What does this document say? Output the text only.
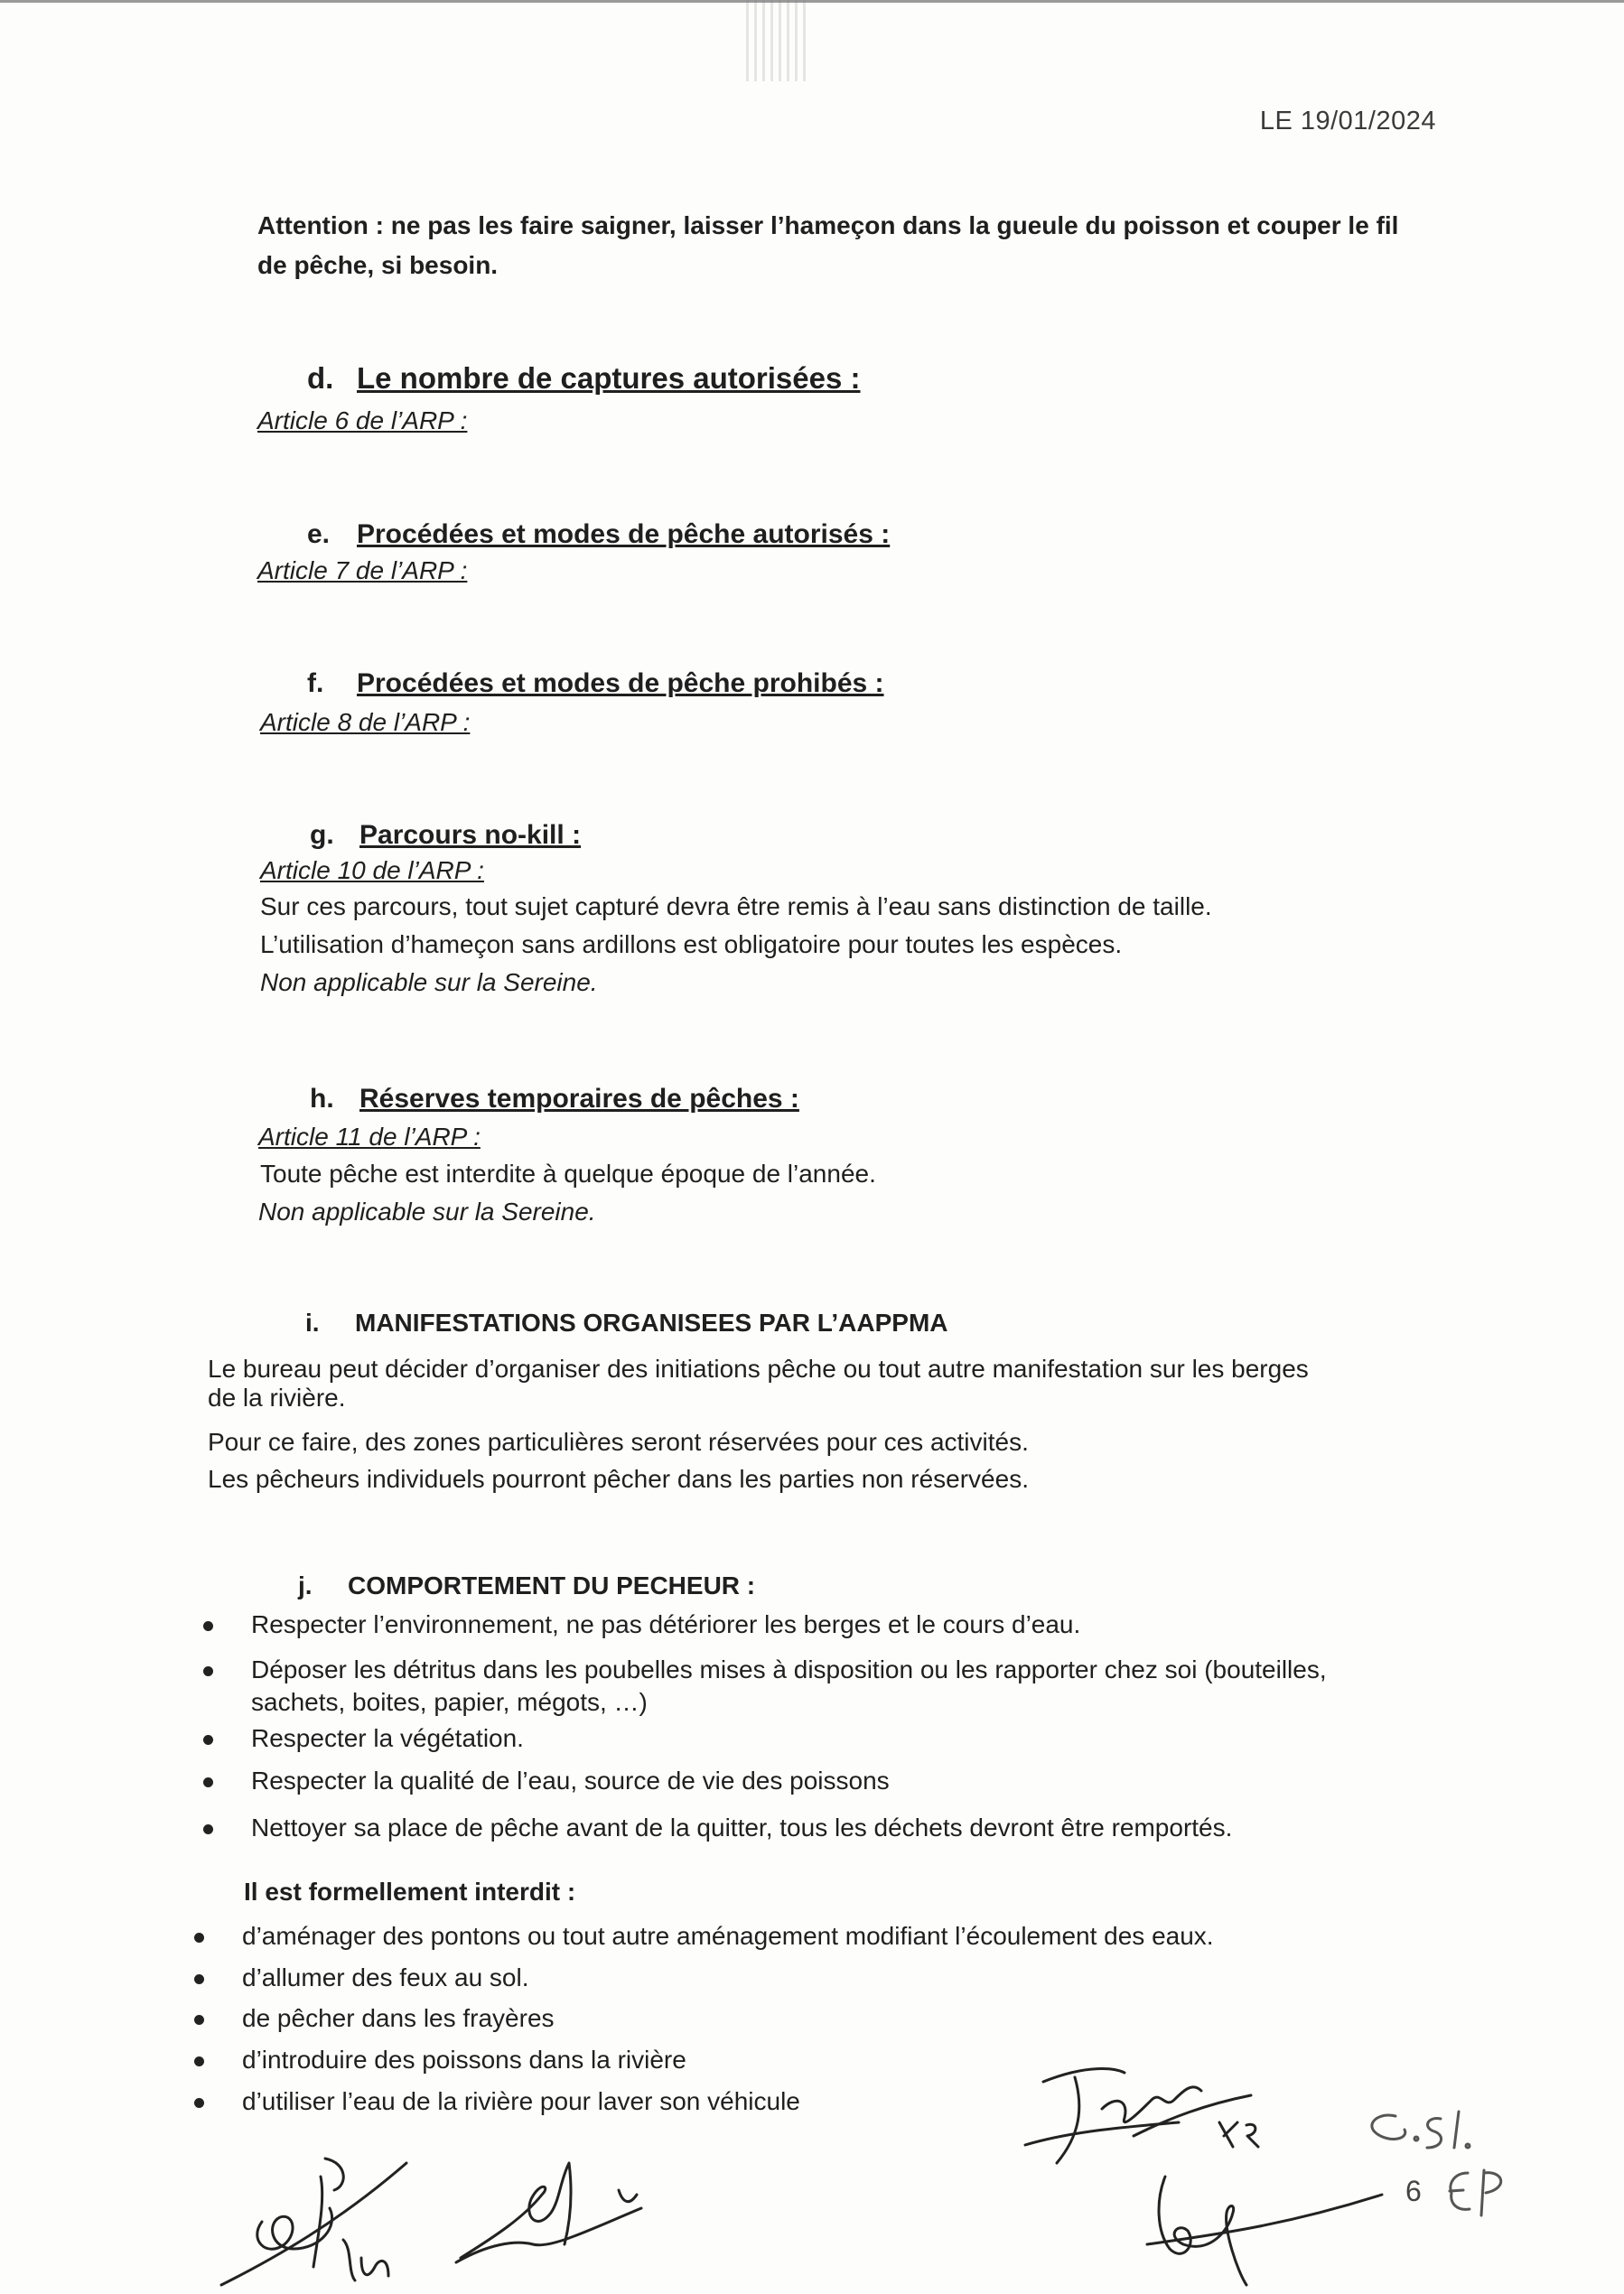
LE 19/01/2024
Attention : ne pas les faire saigner, laisser l’hameçon dans la gueule du poisson et couper le fil
de pêche, si besoin.
d. Le nombre de captures autorisées :
Article 6 de l’ARP :
e. Procédées et modes de pêche autorisés :
Article 7 de l’ARP :
f. Procédées et modes de pêche prohibés :
Article 8 de l’ARP :
g. Parcours no-kill :
Article 10 de l’ARP :
Sur ces parcours, tout sujet capturé devra être remis à l’eau sans distinction de taille.
L’utilisation d’hameçon sans ardillons est obligatoire pour toutes les espèces.
Non applicable sur la Sereine.
h. Réserves temporaires de pêches :
Article 11 de l’ARP :
Toute pêche est interdite à quelque époque de l’année.
Non applicable sur la Sereine.
i. MANIFESTATIONS ORGANISEES PAR L’AAPPMA
Le bureau peut décider d’organiser des initiations pêche ou tout autre manifestation sur les berges
de la rivière.
Pour ce faire, des zones particulières seront réservées pour ces activités.
Les pêcheurs individuels pourront pêcher dans les parties non réservées.
j. COMPORTEMENT DU PECHEUR :
Respecter l’environnement, ne pas détériorer les berges et le cours d’eau.
Déposer les détritus dans les poubelles mises à disposition ou les rapporter chez soi (bouteilles,
sachets, boites, papier, mégots, …)
Respecter la végétation.
Respecter la qualité de l’eau, source de vie des poissons
Nettoyer sa place de pêche avant de la quitter, tous les déchets devront être remportés.
Il est formellement interdit :
d’aménager des pontons ou tout autre aménagement modifiant l’écoulement des eaux.
d’allumer des feux au sol.
de pêcher dans les frayères
d’introduire des poissons dans la rivière
d’utiliser l’eau de la rivière pour laver son véhicule
6
